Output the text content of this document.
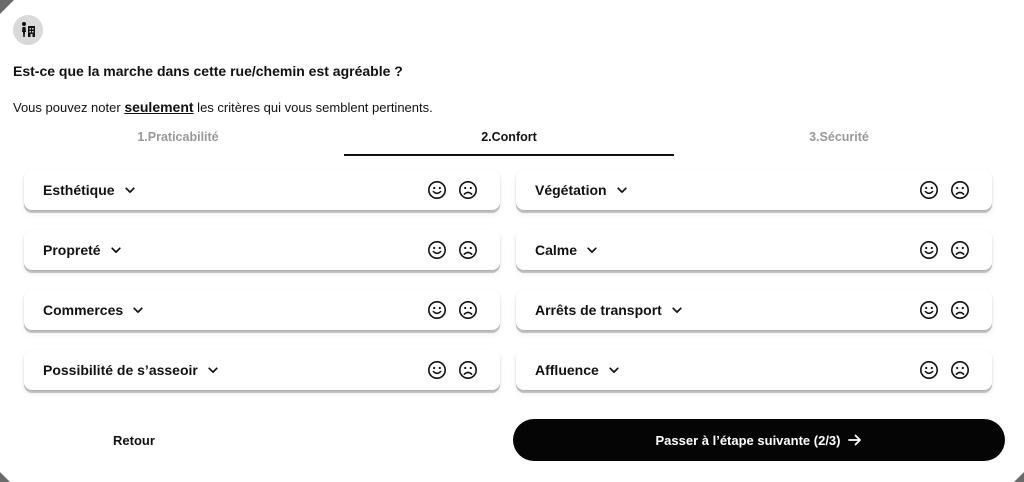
Est-ce que la marche dans cette rue/chemin est agréable ?
Vous pouvez noter seulement les critères qui vous semblent pertinents.
1.Praticabilité	2.Confort	3.Sécurité
Esthétique	Végétation
Propreté	Calme
Commerces	Arrêts de transport
Possibilité de s’asseoir	Affluence
Retour	Passer à l’étape suivante (2/3)
